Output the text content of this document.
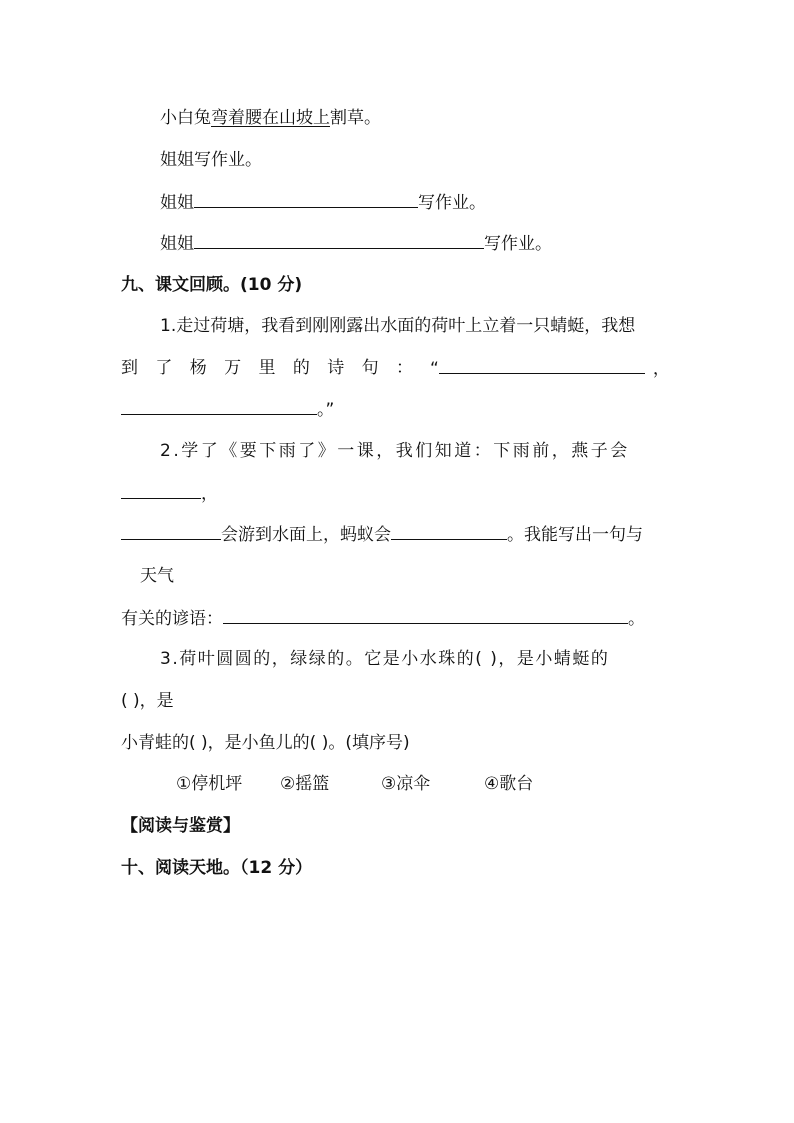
小白兔弯着腰在山坡上割草。
姐姐写作业。
姐姐	写作业。
姐姐	写作业。
九、课文回顾。(10 分)
1.走过荷塘，我看到刚刚露出水面的荷叶上立着一只蜻蜓，我想
到 了 杨 万 里 的 诗 句 ： “	，
。”
2.学了《要下雨了》一课，我们知道：下雨前，燕子会
，
会游到水面上，蚂蚁会	。我能写出一句与
天气
有关的谚语：	。
3.荷叶圆圆的，绿绿的。它是小水珠的( )，是小蜻蜓的
( )，是
小青蛙的( )，是小鱼儿的( )。(填序号)
①停机坪 ②摇篮	③凉伞	④歌台
【阅读与鉴赏】
十、阅读天地。（12 分）
